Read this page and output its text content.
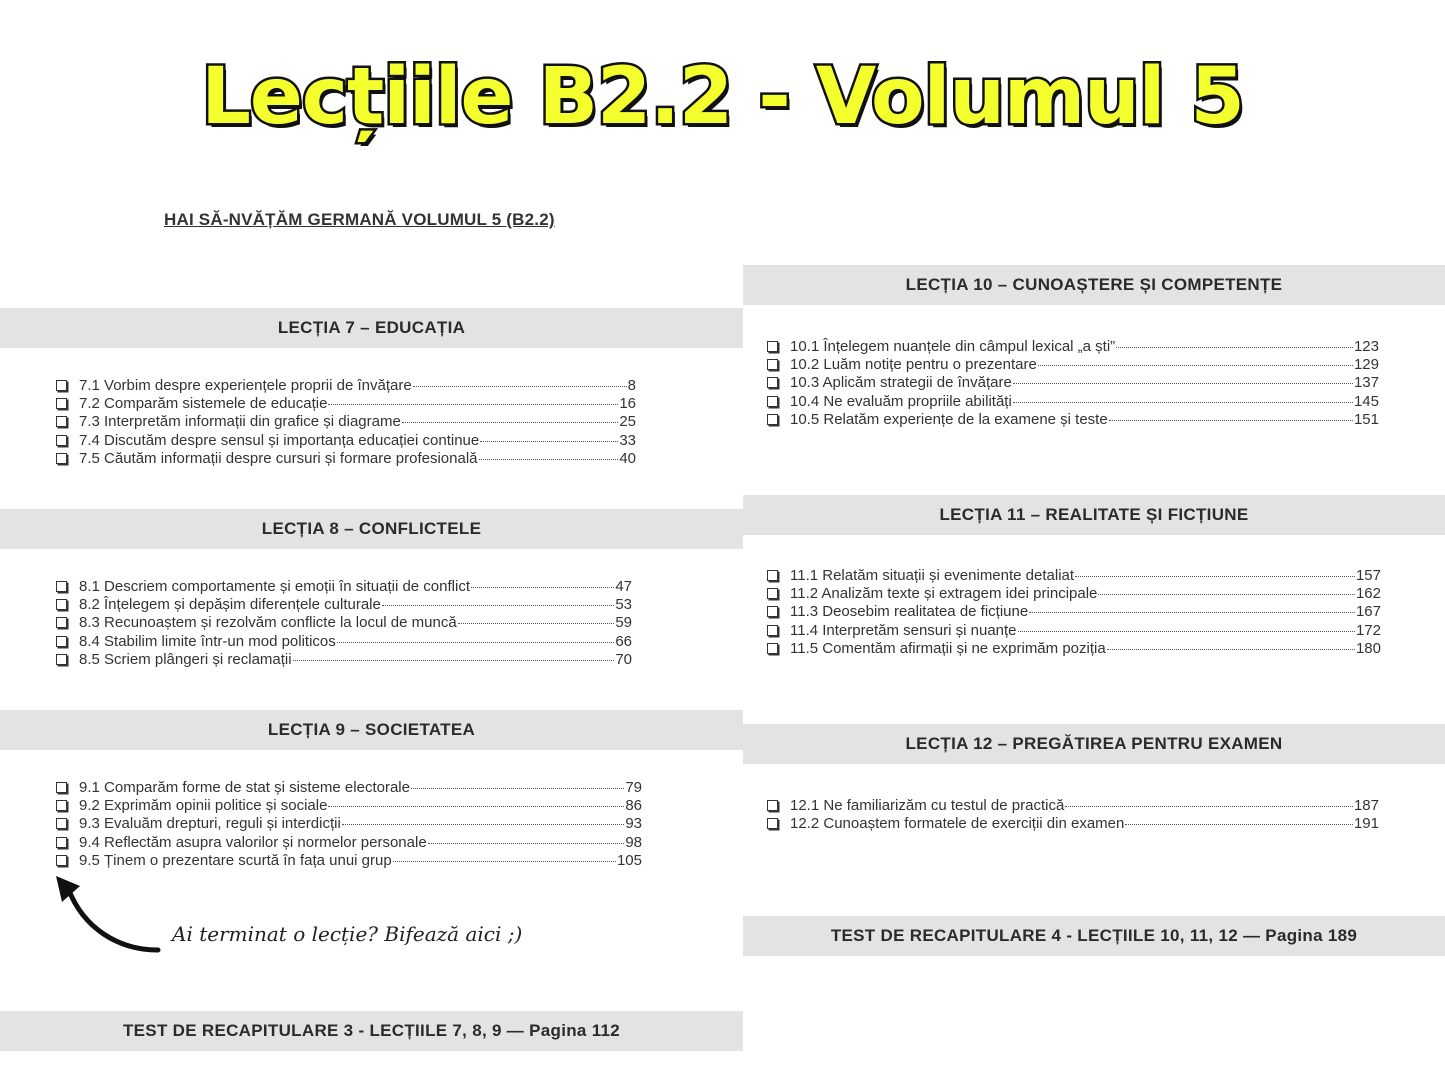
Lecțiile B2.2 - Volumul 5
HAI SĂ-NVĂȚĂM GERMANĂ VOLUMUL 5 (B2.2)
LECȚIA 7 – EDUCAȚIA
7.1 Vorbim despre experiențele proprii de învățare	8
7.2 Comparăm sistemele de educație	16
7.3 Interpretăm informații din grafice și diagrame	25
7.4 Discutăm despre sensul și importanța educației continue	33
7.5 Căutăm informații despre cursuri și formare profesională	40
LECȚIA 8 – CONFLICTELE
8.1 Descriem comportamente și emoții în situații de conflict	47
8.2 Înțelegem și depășim diferențele culturale	53
8.3 Recunoaștem și rezolvăm conflicte la locul de muncă	59
8.4 Stabilim limite într-un mod politicos	66
8.5 Scriem plângeri și reclamații	70
LECȚIA 9 – SOCIETATEA
9.1 Comparăm forme de stat și sisteme electorale	79
9.2 Exprimăm opinii politice și sociale	86
9.3 Evaluăm drepturi, reguli și interdicții	93
9.4 Reflectăm asupra valorilor și normelor personale	98
9.5 Ținem o prezentare scurtă în fața unui grup	105
Ai terminat o lecție? Bifează aici ;)
TEST DE RECAPITULARE 3 - LECȚIILE 7, 8, 9 — Pagina 112
LECȚIA 10 – CUNOAȘTERE ȘI COMPETENȚE
10.1 Înțelegem nuanțele din câmpul lexical „a ști”	123
10.2 Luăm notițe pentru o prezentare	129
10.3 Aplicăm strategii de învățare	137
10.4 Ne evaluăm propriile abilități	145
10.5 Relatăm experiențe de la examene și teste	151
LECȚIA 11 – REALITATE ȘI FICȚIUNE
11.1 Relatăm situații și evenimente detaliat	157
11.2 Analizăm texte și extragem idei principale	162
11.3 Deosebim realitatea de ficțiune	167
11.4 Interpretăm sensuri și nuanțe	172
11.5 Comentăm afirmații și ne exprimăm poziția	180
LECȚIA 12 – PREGĂTIREA PENTRU EXAMEN
12.1 Ne familiarizăm cu testul de practică	187
12.2 Cunoaștem formatele de exerciții din examen	191
TEST DE RECAPITULARE 4 - LECȚIILE 10, 11, 12 — Pagina 189
